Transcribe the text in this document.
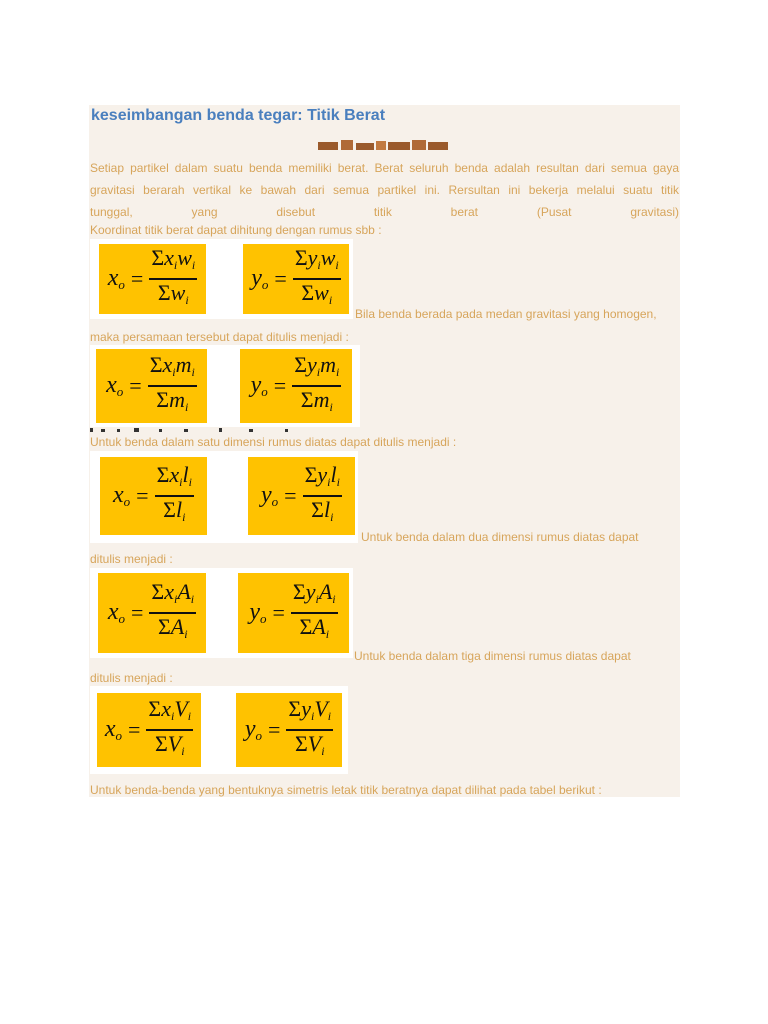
keseimbangan benda tegar: Titik Berat
Setiap partikel dalam suatu benda memiliki berat. Berat seluruh benda adalah resultan dari semua gaya
gravitasi berarah vertikal ke bawah dari semua partikel ini. Rersultan ini bekerja melalui suatu titik
tunggal, yang disebut titik berat (Pusat gravitasi)

Koordinat titik berat dapat dihitung dengan rumus sbb :

$x_o = \frac{\Sigma x_iw_i}{\Sigma w_i} y_o = \frac{\Sigma y_iw_i}{\Sigma w_i}$
Bila benda berada pada medan gravitasi yang homogen,
maka persamaan tersebut dapat ditulis menjadi :
$x_o = \frac{\Sigma x_im_i}{\Sigma m_i} y_o = \frac{\Sigma y_im_i}{\Sigma m_i}$

Untuk benda dalam satu dimensi rumus diatas dapat ditulis menjadi :

$x_o = \frac{\Sigma x_il_i}{\Sigma l_i}$	$y_o = \frac{\Sigma y_il_i}{\Sigma l_i}$
Untuk benda dalam dua dimensi rumus diatas dapat
ditulis menjadi :
$x_o = \frac{\Sigma x_iA_i}{\Sigma A_i} y_o = \frac{\Sigma y_iA_i}{\Sigma A_i}$
Untuk benda dalam tiga dimensi rumus diatas dapat
ditulis menjadi :
$x_o = \frac{\Sigma x_iV_i}{\Sigma V_i} y_o = \frac{\Sigma y_iV_i}{\Sigma V_i}$

Untuk benda-benda yang bentuknya simetris letak titik beratnya dapat dilihat pada tabel berikut :
